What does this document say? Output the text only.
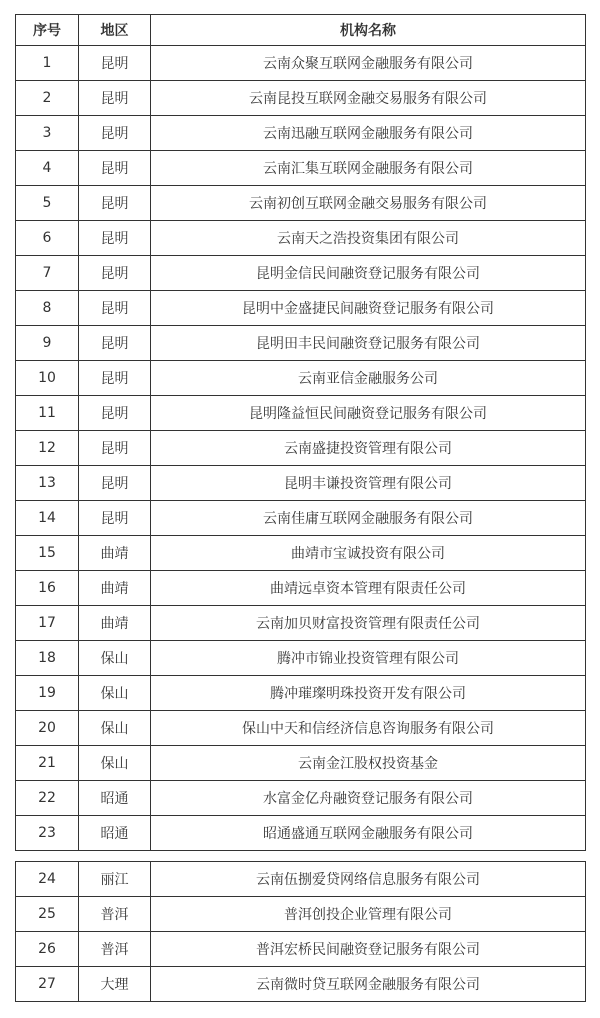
序号	地区	机构名称
1	昆明	云南众聚互联网金融服务有限公司
2	昆明	云南昆投互联网金融交易服务有限公司
3	昆明	云南迅融互联网金融服务有限公司
4	昆明	云南汇集互联网金融服务有限公司
5	昆明	云南初创互联网金融交易服务有限公司
6	昆明	云南天之浩投资集团有限公司
7	昆明	昆明金信民间融资登记服务有限公司
8	昆明	昆明中金盛捷民间融资登记服务有限公司
9	昆明	昆明田丰民间融资登记服务有限公司
10	昆明	云南亚信金融服务公司
11	昆明	昆明隆益恒民间融资登记服务有限公司
12	昆明	云南盛捷投资管理有限公司
13	昆明	昆明丰谦投资管理有限公司
14	昆明	云南佳庸互联网金融服务有限公司
15	曲靖	曲靖市宝诚投资有限公司
16	曲靖	曲靖远卓资本管理有限责任公司
17	曲靖	云南加贝财富投资管理有限责任公司
18	保山	腾冲市锦业投资管理有限公司
19	保山	腾冲璀璨明珠投资开发有限公司
20	保山	保山中天和信经济信息咨询服务有限公司
21	保山	云南金江股权投资基金
22	昭通	水富金亿舟融资登记服务有限公司
23	昭通	昭通盛通互联网金融服务有限公司
24	丽江	云南伍捌爱贷网络信息服务有限公司
25	普洱	普洱创投企业管理有限公司
26	普洱	普洱宏桥民间融资登记服务有限公司
27	大理	云南微时贷互联网金融服务有限公司
